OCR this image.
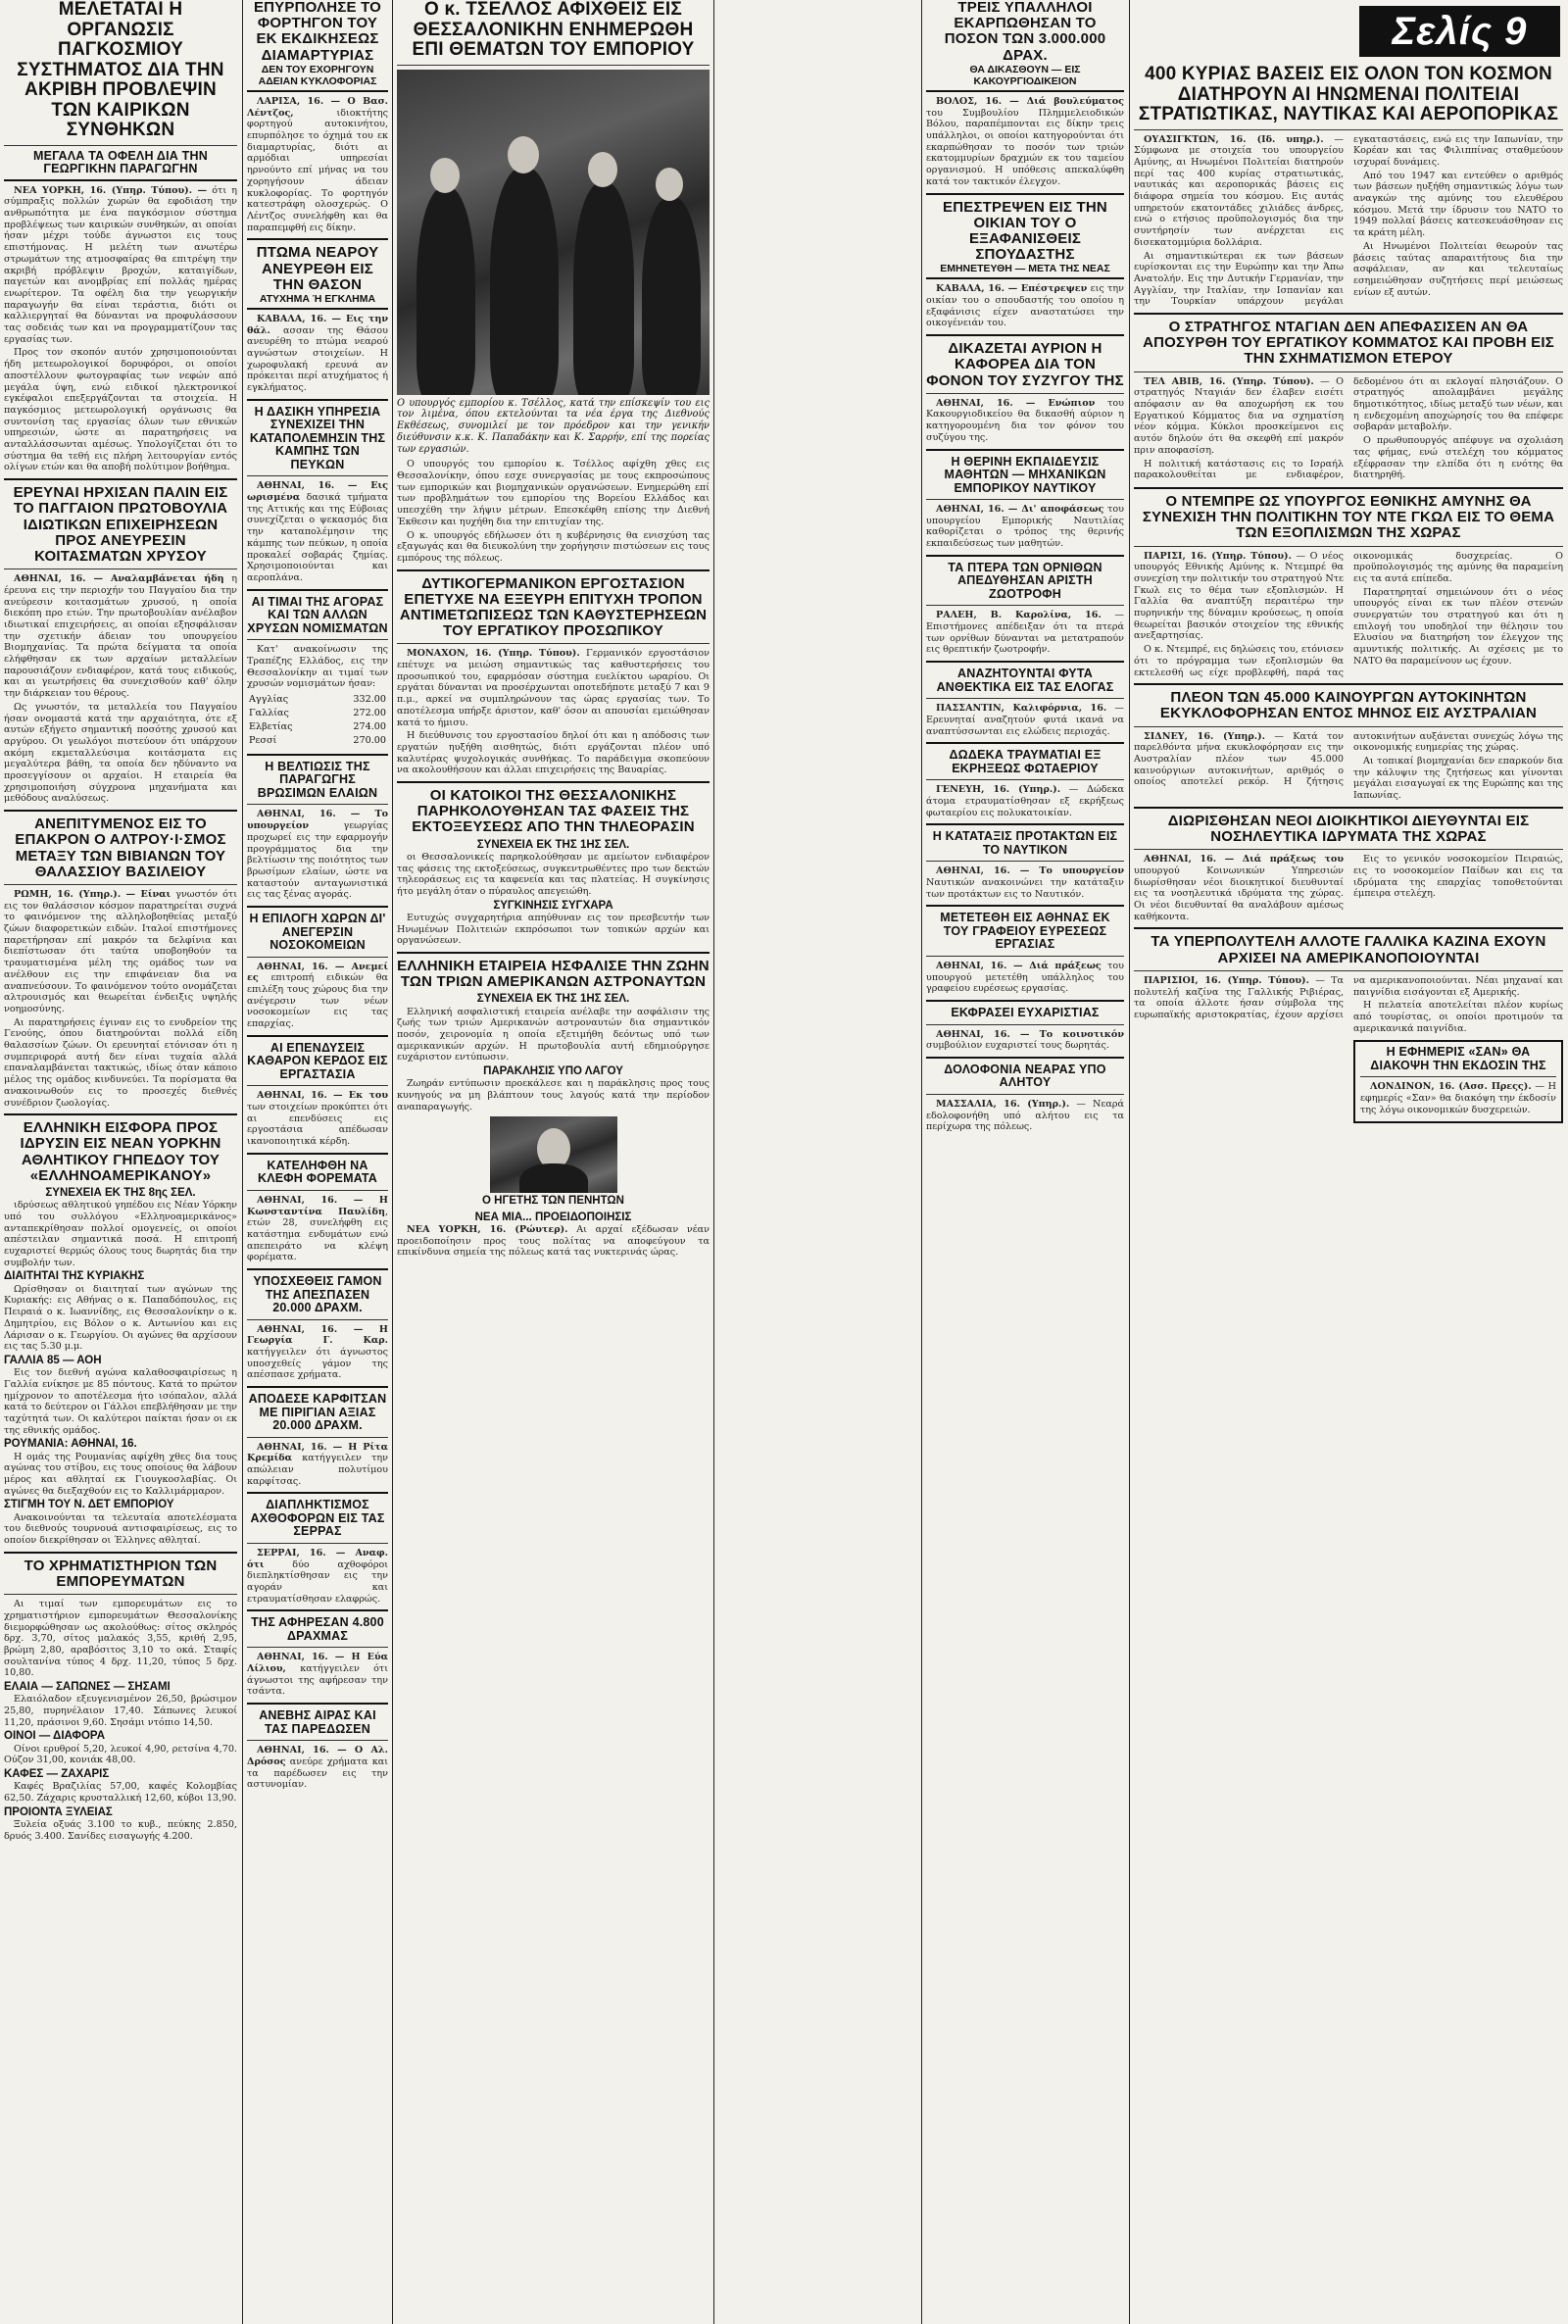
Σελίς 9
ΜΕΛΕΤΑΤΑΙ Η ΟΡΓΑΝΩΣΙΣ ΠΑΓΚΟΣΜΙΟΥ ΣΥΣΤΗΜΑΤΟΣ ΔΙΑ ΤΗΝ ΑΚΡΙΒΗ ΠΡΟΒΛΕΨΙΝ ΤΩΝ ΚΑΙΡΙΚΩΝ ΣΥΝΘΗΚΩΝ
ΜΕΓΑΛΑ ΤΑ ΟΦΕΛΗ ΔΙΑ ΤΗΝ ΓΕΩΡΓΙΚΗΝ ΠΑΡΑΓΩΓΗΝ

ΝΕΑ ΥΟΡΚΗ, 16. (Υπηρ. Τύπου). — ότι η σύμπραξις πολλών χωρών θα εφοδιάση την ανθρωπότητα με ένα παγκόσμιον σύστημα προβλέψεως των καιρικών συνθηκών, αι οποίαι ήσαν μέχρι τούδε άγνωστοι εις τους επιστήμονας. Η μελέτη των ανωτέρω στρωμάτων της ατμοσφαίρας θα επιτρέψη την ακριβή πρόβλεψιν βροχών, καταιγίδων, παγετών και ανομβρίας επί πολλάς ημέρας ενωρίτερον. Τα οφέλη δια την γεωργικήν παραγωγήν θα είναι τεράστια, διότι οι καλλιεργηταί θα δύνανται να προφυλάσσουν τας σοδειάς των και να προγραμματίζουν τας εργασίας των.

Προς τον σκοπόν αυτόν χρησιμοποιούνται ήδη μετεωρολογικοί δορυφόροι, οι οποίοι αποστέλλουν φωτογραφίας των νεφών από μεγάλα ύψη, ενώ ειδικοί ηλεκτρονικοί εγκέφαλοι επεξεργάζονται τα στοιχεία. Η παγκόσμιος μετεωρολογική οργάνωσις θα συντονίση τας εργασίας όλων των εθνικών υπηρεσιών, ώστε αι παρατηρήσεις να ανταλλάσσωνται αμέσως. Υπολογίζεται ότι το σύστημα θα τεθή εις πλήρη λειτουργίαν εντός ολίγων ετών και θα αποβή πολύτιμον βοήθημα.

ΕΡΕΥΝΑΙ ΗΡΧΙΣΑΝ ΠΑΛΙΝ ΕΙΣ ΤΟ ΠΑΓΓΑΙΟΝ ΠΡΩΤΟΒΟΥΛΙΑ ΙΔΙΩΤΙΚΩΝ ΕΠΙΧΕΙΡΗΣΕΩΝ ΠΡΟΣ ΑΝΕΥΡΕΣΙΝ ΚΟΙΤΑΣΜΑΤΩΝ ΧΡΥΣΟΥ

ΑΘΗΝΑΙ, 16. — Αναλαμβάνεται ήδη η έρευνα εις την περιοχήν του Παγγαίου δια την ανεύρεσιν κοιτασμάτων χρυσού, η οποία διεκόπη προ ετών. Την πρωτοβουλίαν ανέλαβον ιδιωτικαί επιχειρήσεις, αι οποίαι εξησφάλισαν την σχετικήν άδειαν του υπουργείου Βιομηχανίας. Τα πρώτα δείγματα τα οποία ελήφθησαν εκ των αρχαίων μεταλλείων παρουσιάζουν ενδιαφέρον, κατά τους ειδικούς, και αι γεωτρήσεις θα συνεχισθούν καθ' όλην την διάρκειαν του θέρους.

Ως γνωστόν, τα μεταλλεία του Παγγαίου ήσαν ονομαστά κατά την αρχαιότητα, ότε εξ αυτών εξήγετο σημαντική ποσότης χρυσού και αργύρου. Οι γεωλόγοι πιστεύουν ότι υπάρχουν ακόμη εκμεταλλεύσιμα κοιτάσματα εις μεγαλύτερα βάθη, τα οποία δεν ηδύναντο να προσεγγίσουν οι αρχαίοι. Η εταιρεία θα χρησιμοποιήση σύγχρονα μηχανήματα και μεθόδους αναλύσεως.

ΑΝΕΠΙΤΥΜΕΝΟΣ ΕΙΣ ΤΟ ΕΠΑΚΡΟΝ Ο ΑΛΤΡΟΥ·Ι·ΣΜΟΣ ΜΕΤΑΞΥ ΤΩΝ ΒΙΒΙΑΝΩΝ ΤΟΥ ΘΑΛΑΣΣΙΟΥ ΒΑΣΙΛΕΙΟΥ

ΡΩΜΗ, 16. (Υπηρ.). — Είναι γνωστόν ότι εις τον θαλάσσιον κόσμον παρατηρείται συχνά το φαινόμενον της αλληλοβοηθείας μεταξύ ζώων διαφορετικών ειδών. Ιταλοί επιστήμονες παρετήρησαν επί μακρόν τα δελφίνια και διεπίστωσαν ότι ταύτα υποβοηθούν τα τραυματισμένα μέλη της ομάδος των να ανέλθουν εις την επιφάνειαν δια να αναπνεύσουν. Το φαινόμενον τούτο ονομάζεται αλτρουισμός και θεωρείται ένδειξις υψηλής νοημοσύνης.

Αι παρατηρήσεις έγιναν εις το ενυδρείον της Γενούης, όπου διατηρούνται πολλά είδη θαλασσίων ζώων. Οι ερευνηταί ετόνισαν ότι η συμπεριφορά αυτή δεν είναι τυχαία αλλά επαναλαμβάνεται τακτικώς, ιδίως όταν κάποιο μέλος της ομάδος κινδυνεύει. Τα πορίσματα θα ανακοινωθούν εις το προσεχές διεθνές συνέδριον ζωολογίας.

ΕΛΛΗΝΙΚΗ ΕΙΣΦΟΡΑ ΠΡΟΣ ΙΔΡΥΣΙΝ ΕΙΣ ΝΕΑΝ ΥΟΡΚΗΝ ΑΘΛΗΤΙΚΟΥ ΓΗΠΕΔΟΥ ΤΟΥ «ΕΛΛΗΝΟΑΜΕΡΙΚΑΝΟΥ»
ΣΥΝΕΧΕΙΑ ΕΚ ΤΗΣ 8ης ΣΕΛ.

ιδρύσεως αθλητικού γηπέδου εις Νέαν Υόρκην υπό του συλλόγου «Ελληνοαμερικάνος» ανταπεκρίθησαν πολλοί ομογενείς, οι οποίοι απέστειλαν σημαντικά ποσά. Η επιτροπή ευχαριστεί θερμώς όλους τους δωρητάς δια την συμβολήν των.

ΔΙΑΙΤΗΤΑΙ ΤΗΣ ΚΥΡΙΑΚΗΣ

Ωρίσθησαν οι διαιτηταί των αγώνων της Κυριακής: εις Αθήνας ο κ. Παπαδόπουλος, εις Πειραιά ο κ. Ιωαννίδης, εις Θεσσαλονίκην ο κ. Δημητρίου, εις Βόλον ο κ. Αντωνίου και εις Λάρισαν ο κ. Γεωργίου. Οι αγώνες θα αρχίσουν εις τας 5.30 μ.μ.

ΓΑΛΛΙΑ 85 — ΑΟΗ

Εις τον διεθνή αγώνα καλαθοσφαιρίσεως η Γαλλία ενίκησε με 85 πόντους. Κατά το πρώτον ημίχρονον το αποτέλεσμα ήτο ισόπαλον, αλλά κατά το δεύτερον οι Γάλλοι επεβλήθησαν με την ταχύτητά των. Οι καλύτεροι παίκται ήσαν οι εκ της εθνικής ομάδος.

ΡΟΥΜΑΝΙΑ: ΑΘΗΝΑΙ, 16.

Η ομάς της Ρουμανίας αφίχθη χθες δια τους αγώνας του στίβου, εις τους οποίους θα λάβουν μέρος και αθληταί εκ Γιουγκοσλαβίας. Οι αγώνες θα διεξαχθούν εις το Καλλιμάρμαρον.

ΣΤΙΓΜΗ ΤΟΥ Ν. ΔΕΤ ΕΜΠΟΡΙΟΥ

Ανακοινούνται τα τελευταία αποτελέσματα του διεθνούς τουρνουά αντισφαιρίσεως, εις το οποίον διεκρίθησαν οι Έλληνες αθληταί.

ΤΟ ΧΡΗΜΑΤΙΣΤΗΡΙΟΝ ΤΩΝ ΕΜΠΟΡΕΥΜΑΤΩΝ

Αι τιμαί των εμπορευμάτων εις το χρηματιστήριον εμπορευμάτων Θεσσαλονίκης διεμορφώθησαν ως ακολούθως: σίτος σκληρός δρχ. 3,70, σίτος μαλακός 3,55, κριθή 2,95, βρώμη 2,80, αραβόσιτος 3,10 το οκά. Σταφίς σουλτανίνα τύπος 4 δρχ. 11,20, τύπος 5 δρχ. 10,80.

ΕΛΑΙΑ — ΣΑΠΩΝΕΣ — ΣΗΣΑΜΙ

Ελαιόλαδον εξευγενισμένον 26,50, βρώσιμον 25,80, πυρηνέλαιον 17,40. Σάπωνες λευκοί 11,20, πράσινοι 9,60. Σησάμι ντόπιο 14,50.

ΟΙΝΟΙ — ΔΙΑΦΟΡΑ

Οίνοι ερυθροί 5,20, λευκοί 4,90, ρετσίνα 4,70. Ούζον 31,00, κονιάκ 48,00.

ΚΑΦΕΣ — ΖΑΧΑΡΙΣ

Καφές Βραζιλίας 57,00, καφές Κολομβίας 62,50. Ζάχαρις κρυσταλλική 12,60, κύβοι 13,90.

ΠΡΟΙΟΝΤΑ ΞΥΛΕΙΑΣ

Ξυλεία οξυάς 3.100 το κυβ., πεύκης 2.850, δρυός 3.400. Σανίδες εισαγωγής 4.200.

ΕΠΥΡΠΟΛΗΣΕ ΤΟ ΦΟΡΤΗΓΟΝ ΤΟΥ ΕΚ ΕΚΔΙΚΗΣΕΩΣ ΔΙΑΜΑΡΤΥΡΙΑΣ
ΔΕΝ ΤΟΥ ΕΧΟΡΗΓΟΥΝ ΑΔΕΙΑΝ ΚΥΚΛΟΦΟΡΙΑΣ

ΛΑΡΙΣΑ, 16. — Ο Βασ. Λέντζος, ιδιοκτήτης φορτηγού αυτοκινήτου, επυρπόλησε το όχημά του εκ διαμαρτυρίας, διότι αι αρμόδιαι υπηρεσίαι ηρνούντο επί μήνας να του χορηγήσουν άδειαν κυκλοφορίας. Το φορτηγόν κατεστράφη ολοσχερώς. Ο Λέντζος συνελήφθη και θα παραπεμφθή εις δίκην.

ΠΤΩΜΑ ΝΕΑΡΟΥ ΑΝΕΥΡΕΘΗ ΕΙΣ ΤΗΝ ΘΑΣΟΝ
ΑΤΥΧΗΜΑ Ή ΕΓΚΛΗΜΑ

ΚΑΒΑΛΑ, 16. — Εις την θάλ. ασσαν της Θάσου ανευρέθη το πτώμα νεαρού αγνώστων στοιχείων. Η χωροφυλακή ερευνά αν πρόκειται περί ατυχήματος ή εγκλήματος.

Η ΔΑΣΙΚΗ ΥΠΗΡΕΣΙΑ ΣΥΝΕΧΙΖΕΙ ΤΗΝ ΚΑΤΑΠΟΛΕΜΗΣΙΝ ΤΗΣ ΚΑΜΠΗΣ ΤΩΝ ΠΕΥΚΩΝ

ΑΘΗΝΑΙ, 16. — Εις ωρισμένα δασικά τμήματα της Αττικής και της Εύβοιας συνεχίζεται ο ψεκασμός δια την καταπολέμησιν της κάμπης των πεύκων, η οποία προκαλεί σοβαράς ζημίας. Χρησιμοποιούνται και αεροπλάνα.

ΑΙ ΤΙΜΑΙ ΤΗΣ ΑΓΟΡΑΣ ΚΑΙ ΤΩΝ ΑΛΛΩΝ ΧΡΥΣΩΝ ΝΟΜΙΣΜΑΤΩΝ

Κατ' ανακοίνωσιν της Τραπέζης Ελλάδος, εις την Θεσσαλονίκην αι τιμαί των χρυσών νομισμάτων ήσαν:

Αγγλίας	332.00
Γαλλίας	272.00
Ελβετίας	274.00
Ρεσσί	270.00
Η ΒΕΛΤΙΩΣΙΣ ΤΗΣ ΠΑΡΑΓΩΓΗΣ ΒΡΩΣΙΜΩΝ ΕΛΑΙΩΝ

ΑΘΗΝΑΙ, 16. — Το υπουργείον γεωργίας προχωρεί εις την εφαρμογήν προγράμματος δια την βελτίωσιν της ποιότητος των βρωσίμων ελαίων, ώστε να καταστούν ανταγωνιστικά εις τας ξένας αγοράς.

Η ΕΠΙΛΟΓΗ ΧΩΡΩΝ ΔΙ' ΑΝΕΓΕΡΣΙΝ ΝΟΣΟΚΟΜΕΙΩΝ

ΑΘΗΝΑΙ, 16. — Ανεμεί ες επιτροπή ειδικών θα επιλέξη τους χώρους δια την ανέγερσιν των νέων νοσοκομείων εις τας επαρχίας.

ΑΙ ΕΠΕΝΔΥΣΕΙΣ ΚΑΘΑΡΟΝ ΚΕΡΔΟΣ ΕΙΣ ΕΡΓΑΣΤΑΣΙΑ

ΑΘΗΝΑΙ, 16. — Εκ του των στοιχείων προκύπτει ότι αι επενδύσεις εις εργοστάσια απέδωσαν ικανοποιητικά κέρδη.

ΚΑΤΕΛΗΦΘΗ ΝΑ ΚΛΕΦΗ ΦΟΡΕΜΑΤΑ

ΑΘΗΝΑΙ, 16. — Η Κωνσταντίνα Παυλίδη, ετών 28, συνελήφθη εις κατάστημα ενδυμάτων ενώ απεπειράτο να κλέψη φορέματα.

ΥΠΟΣΧΕΘΕΙΣ ΓΑΜΟΝ ΤΗΣ ΑΠΕΣΠΑΣΕΝ 20.000 ΔΡΑΧΜ.

ΑΘΗΝΑΙ, 16. — Η Γεωργία Γ. Καρ. κατήγγειλεν ότι άγνωστος υποσχεθείς γάμον της απέσπασε χρήματα.

ΑΠΟΔΕΣΕ ΚΑΡΦΙΤΣΑΝ ΜΕ ΠΙΡΙΓΙΑΝ ΑΞΙΑΣ 20.000 ΔΡΑΧΜ.

ΑΘΗΝΑΙ, 16. — Η Ρίτα Κρεμίδα κατήγγειλεν την απώλειαν πολυτίμου καρφίτσας.

ΔΙΑΠΛΗΚΤΙΣΜΟΣ ΑΧΘΟΦΟΡΩΝ ΕΙΣ ΤΑΣ ΣΕΡΡΑΣ

ΣΕΡΡΑΙ, 16. — Αναφ. ότι δύο αχθοφόροι διεπληκτίσθησαν εις την αγοράν και ετραυματίσθησαν ελαφρώς.

ΤΗΣ ΑΦΗΡΕΣΑΝ 4.800 ΔΡΑΧΜΑΣ

ΑΘΗΝΑΙ, 16. — Η Εύα Λίλιου, κατήγγειλεν ότι άγνωστοι της αφήρεσαν την τσάντα.

ΑΝΕΒΗΣ ΑΙΡΑΣ ΚΑΙ ΤΑΣ ΠΑΡΕΔΩΣΕΝ

ΑΘΗΝΑΙ, 16. — Ο Αλ. Δρόσος ανεύρε χρήματα και τα παρέδωσεν εις την αστυνομίαν.

Ο κ. ΤΣΕΛΛΟΣ ΑΦΙΧΘΕΙΣ ΕΙΣ ΘΕΣΣΑΛΟΝΙΚΗΝ ΕΝΗΜΕΡΩΘΗ ΕΠΙ ΘΕΜΑΤΩΝ ΤΟΥ ΕΜΠΟΡΙΟΥ
Ο υπουργός εμπορίου κ. Τσέλλος, κατά την επίσκεψίν του εις τον λιμένα, όπου εκτελούνται τα νέα έργα της Διεθνούς Εκθέσεως, συνομιλεί με τον πρόεδρον και την γενικήν διεύθυνσιν κ.κ. Κ. Παπαδάκην και Κ. Σαρρήν, επί της πορείας των εργασιών.

Ο υπουργός του εμπορίου κ. Τσέλλος αφίχθη χθες εις Θεσσαλονίκην, όπου εσχε συνεργασίας με τους εκπροσώπους των εμπορικών και βιομηχανικών οργανώσεων. Ενημερώθη επί των προβλημάτων του εμπορίου της Βορείου Ελλάδος και υπεσχέθη την λήψιν μέτρων. Επεσκέφθη επίσης την Διεθνή Έκθεσιν και ηυχήθη δια την επιτυχίαν της.

Ο κ. υπουργός εδήλωσεν ότι η κυβέρνησις θα ενισχύση τας εξαγωγάς και θα διευκολύνη την χορήγησιν πιστώσεων εις τους εμπόρους της πόλεως.

ΔΥΤΙΚΟΓΕΡΜΑΝΙΚΟΝ ΕΡΓΟΣΤΑΣΙΟΝ ΕΠΕΤΥΧΕ ΝΑ ΕΞΕΥΡΗ ΕΠΙΤΥΧΗ ΤΡΟΠΟΝ ΑΝΤΙΜΕΤΩΠΙΣΕΩΣ ΤΩΝ ΚΑΘΥΣΤΕΡΗΣΕΩΝ ΤΟΥ ΕΡΓΑΤΙΚΟΥ ΠΡΟΣΩΠΙΚΟΥ

ΜΟΝΑΧΟΝ, 16. (Υπηρ. Τύπου). Γερμανικόν εργοστάσιον επέτυχε να μειώση σημαντικώς τας καθυστερήσεις του προσωπικού του, εφαρμόσαν σύστημα ευελίκτου ωραρίου. Οι εργάται δύνανται να προσέρχωνται οποτεδήποτε μεταξύ 7 και 9 π.μ., αρκεί να συμπληρώνουν τας ώρας εργασίας των. Το αποτέλεσμα υπήρξε άριστον, καθ' όσον αι απουσίαι εμειώθησαν κατά το ήμισυ.

Η διεύθυνσις του εργοστασίου δηλοί ότι και η απόδοσις των εργατών ηυξήθη αισθητώς, διότι εργάζονται πλέον υπό καλυτέρας ψυχολογικάς συνθήκας. Το παράδειγμα σκοπεύουν να ακολουθήσουν και άλλαι επιχειρήσεις της Βαυαρίας.

ΟΙ ΚΑΤΟΙΚΟΙ ΤΗΣ ΘΕΣΣΑΛΟΝΙΚΗΣ ΠΑΡΗΚΟΛΟΥΘΗΣΑΝ ΤΑΣ ΦΑΣΕΙΣ ΤΗΣ ΕΚΤΟΞΕΥΣΕΩΣ ΑΠΟ ΤΗΝ ΤΗΛΕΟΡΑΣΙΝ
ΣΥΝΕΧΕΙΑ ΕΚ ΤΗΣ 1ΗΣ ΣΕΛ.

οι Θεσσαλονικείς παρηκολούθησαν με αμείωτον ενδιαφέρον τας φάσεις της εκτοξεύσεως, συγκεντρωθέντες προ των δεκτών τηλεοράσεως εις τα καφενεία και τας πλατείας. Η συγκίνησις ήτο μεγάλη όταν ο πύραυλος απεγειώθη.

ΣΥΓΚΙΝΗΣΙΣ ΣΥΓΧΑΡΑ

Ευτυχώς συγχαρητήρια απηύθυναν εις τον πρεσβευτήν των Ηνωμένων Πολιτειών εκπρόσωποι των τοπικών αρχών και οργανώσεων.

ΕΛΛΗΝΙΚΗ ΕΤΑΙΡΕΙΑ ΗΣΦΑΛΙΣΕ ΤΗΝ ΖΩΗΝ ΤΩΝ ΤΡΙΩΝ ΑΜΕΡΙΚΑΝΩΝ ΑΣΤΡΟΝΑΥΤΩΝ
ΣΥΝΕΧΕΙΑ ΕΚ ΤΗΣ 1ΗΣ ΣΕΛ.

Ελληνική ασφαλιστική εταιρεία ανέλαβε την ασφάλισιν της ζωής των τριών Αμερικανών αστροναυτών δια σημαντικόν ποσόν, χειρονομία η οποία εξετιμήθη δεόντως υπό των αμερικανικών αρχών. Η πρωτοβουλία αυτή εδημιούργησε ευχάριστον εντύπωσιν.

ΠΑΡΑΚΛΗΣΙΣ ΥΠΟ ΛΑΓΟΥ

Ζωηράν εντύπωσιν προεκάλεσε και η παράκλησις προς τους κυνηγούς να μη βλάπτουν τους λαγούς κατά την περίοδον αναπαραγωγής.

Ο ΗΓΕΤΗΣ ΤΩΝ ΠΕΝΗΤΩΝ
ΝΕΑ ΜΙΑ... ΠΡΟΕΙΔΟΠΟΙΗΣΙΣ

ΝΕΑ ΥΟΡΚΗ, 16. (Ρώυτερ). Αι αρχαί εξέδωσαν νέαν προειδοποίησιν προς τους πολίτας να αποφεύγουν τα επικίνδυνα σημεία της πόλεως κατά τας νυκτερινάς ώρας.

ΤΡΕΙΣ ΥΠΑΛΛΗΛΟΙ ΕΚΑΡΠΩΘΗΣΑΝ ΤΟ ΠΟΣΟΝ ΤΩΝ 3.000.000 ΔΡΑΧ.
ΘΑ ΔΙΚΑΣΘΟΥΝ — ΕΙΣ ΚΑΚΟΥΡΓΙΟΔΙΚΕΙΟΝ

ΒΟΛΟΣ, 16. — Διά βουλεύματος του Συμβουλίου Πλημμελειοδικών Βόλου, παραπέμπονται εις δίκην τρεις υπάλληλοι, οι οποίοι κατηγορούνται ότι εκαρπώθησαν το ποσόν των τριών εκατομμυρίων δραχμών εκ του ταμείου οργανισμού. Η υπόθεσις απεκαλύφθη κατά τον τακτικόν έλεγχον.

ΕΠΕΣΤΡΕΨΕΝ ΕΙΣ ΤΗΝ ΟΙΚΙΑΝ ΤΟΥ Ο ΕΞΑΦΑΝΙΣΘΕΙΣ ΣΠΟΥΔΑΣΤΗΣ
ΕΜΗΝΕΤΕΥΘΗ — ΜΕΤΑ ΤΗΣ ΝΕΑΣ

ΚΑΒΑΛΑ, 16. — Επέστρεψεν εις την οικίαν του ο σπουδαστής του οποίου η εξαφάνισις είχεν αναστατώσει την οικογένειάν του.

ΔΙΚΑΖΕΤΑΙ ΑΥΡΙΟΝ Η ΚΑΦΟΡΕΑ ΔΙΑ ΤΟΝ ΦΟΝΟΝ ΤΟΥ ΣΥΖΥΓΟΥ ΤΗΣ

ΑΘΗΝΑΙ, 16. — Ενώπιον του Κακουργιοδικείου θα δικασθή αύριον η κατηγορουμένη δια τον φόνον του συζύγου της.

Η ΘΕΡΙΝΗ ΕΚΠΑΙΔΕΥΣΙΣ ΜΑΘΗΤΩΝ — ΜΗΧΑΝΙΚΩΝ ΕΜΠΟΡΙΚΟΥ ΝΑΥΤΙΚΟΥ

ΑΘΗΝΑΙ, 16. — Δι' αποφάσεως του υπουργείου Εμπορικής Ναυτιλίας καθορίζεται ο τρόπος της θερινής εκπαιδεύσεως των μαθητών.

ΤΑ ΠΤΕΡΑ ΤΩΝ ΟΡΝΙΘΩΝ ΑΠΕΔΥΘΗΣΑΝ ΑΡΙΣΤΗ ΖΩΟΤΡΟΦΗ

ΡΑΛΕΗ, Β. Καρολίνα, 16. — Επιστήμονες απέδειξαν ότι τα πτερά των ορνίθων δύνανται να μετατραπούν εις θρεπτικήν ζωοτροφήν.

ΑΝΑΖΗΤΟΥΝΤΑΙ ΦΥΤΑ ΑΝΘΕΚΤΙΚΑ ΕΙΣ ΤΑΣ ΕΛΟΓΑΣ

ΠΑΣΣΑΝΤΙΝ, Καλιφόρνια, 16. — Ερευνηταί αναζητούν φυτά ικανά να αναπτύσσωνται εις ελώδεις περιοχάς.

ΔΩΔΕΚΑ ΤΡΑΥΜΑΤΙΑΙ ΕΞ ΕΚΡΗΞΕΩΣ ΦΩΤΑΕΡΙΟΥ

ΓΕΝΕΥΗ, 16. (Υπηρ.). — Δώδεκα άτομα ετραυματίσθησαν εξ εκρήξεως φωταερίου εις πολυκατοικίαν.

Η ΚΑΤΑΤΑΞΙΣ ΠΡΟΤΑΚΤΩΝ ΕΙΣ ΤΟ ΝΑΥΤΙΚΟΝ

ΑΘΗΝΑΙ, 16. — Το υπουργείον Ναυτικών ανακοινώνει την κατάταξιν των προτάκτων εις το Ναυτικόν.

ΜΕΤΕΤΕΘΗ ΕΙΣ ΑΘΗΝΑΣ ΕΚ ΤΟΥ ΓΡΑΦΕΙΟΥ ΕΥΡΕΣΕΩΣ ΕΡΓΑΣΙΑΣ

ΑΘΗΝΑΙ, 16. — Διά πράξεως του υπουργού μετετέθη υπάλληλος του γραφείου ευρέσεως εργασίας.

ΕΚΦΡΑΣΕΙ ΕΥΧΑΡΙΣΤΙΑΣ

ΑΘΗΝΑΙ, 16. — Το κοινοτικόν συμβούλιον ευχαριστεί τους δωρητάς.

ΔΟΛΟΦΟΝΙΑ ΝΕΑΡΑΣ ΥΠΟ ΑΛΗΤΟΥ

ΜΑΣΣΑΛΙΑ, 16. (Υπηρ.). — Νεαρά εδολοφονήθη υπό αλήτου εις τα περίχωρα της πόλεως.

400 ΚΥΡΙΑΣ ΒΑΣΕΙΣ ΕΙΣ ΟΛΟΝ ΤΟΝ ΚΟΣΜΟΝ ΔΙΑΤΗΡΟΥΝ ΑΙ ΗΝΩΜΕΝΑΙ ΠΟΛΙΤΕΙΑΙ ΣΤΡΑΤΙΩΤΙΚΑΣ, ΝΑΥΤΙΚΑΣ ΚΑΙ ΑΕΡΟΠΟΡΙΚΑΣ

ΟΥΑΣΙΓΚΤΩΝ, 16. (Ιδ. υπηρ.). — Σύμφωνα με στοιχεία του υπουργείου Αμύνης, αι Ηνωμένοι Πολιτείαι διατηρούν περί τας 400 κυρίας στρατιωτικάς, ναυτικάς και αεροπορικάς βάσεις εις διάφορα σημεία του κόσμου. Εις αυτάς υπηρετούν εκατοντάδες χιλιάδες άνδρες, ενώ ο ετήσιος προϋπολογισμός δια την συντήρησίν των ανέρχεται εις δισεκατομμύρια δολλάρια.

Αι σημαντικώτεραι εκ των βάσεων ευρίσκονται εις την Ευρώπην και την Άπω Ανατολήν. Εις την Δυτικήν Γερμανίαν, την Αγγλίαν, την Ιταλίαν, την Ισπανίαν και την Τουρκίαν υπάρχουν μεγάλαι εγκαταστάσεις, ενώ εις την Ιαπωνίαν, την Κορέαν και τας Φιλιππίνας σταθμεύουν ισχυραί δυνάμεις.

Από του 1947 και εντεύθεν ο αριθμός των βάσεων ηυξήθη σημαντικώς λόγω των αναγκών της αμύνης του ελευθέρου κόσμου. Μετά την ίδρυσιν του ΝΑΤΟ το 1949 πολλαί βάσεις κατεσκευάσθησαν εις τα κράτη μέλη.

Αι Ηνωμένοι Πολιτείαι θεωρούν τας βάσεις ταύτας απαραιτήτους δια την ασφάλειαν, αν και τελευταίως εσημειώθησαν συζητήσεις περί μειώσεως ενίων εξ αυτών.

Ο ΣΤΡΑΤΗΓΟΣ ΝΤΑΓΙΑΝ ΔΕΝ ΑΠΕΦΑΣΙΣΕΝ ΑΝ ΘΑ ΑΠΟΣΥΡΘΗ ΤΟΥ ΕΡΓΑΤΙΚΟΥ ΚΟΜΜΑΤΟΣ ΚΑΙ ΠΡΟΒΗ ΕΙΣ ΤΗΝ ΣΧΗΜΑΤΙΣΜΟΝ ΕΤΕΡΟΥ

ΤΕΛ ΑΒΙΒ, 16. (Υπηρ. Τύπου). — Ο στρατηγός Νταγιάν δεν έλαβεν εισέτι απόφασιν αν θα αποχωρήση εκ του Εργατικού Κόμματος δια να σχηματίση νέον κόμμα. Κύκλοι προσκείμενοι εις αυτόν δηλούν ότι θα σκεφθή επί μακρόν πριν αποφασίση.

Η πολιτική κατάστασις εις το Ισραήλ παρακολουθείται με ενδιαφέρον, δεδομένου ότι αι εκλογαί πλησιάζουν. Ο στρατηγός απολαμβάνει μεγάλης δημοτικότητος, ιδίως μεταξύ των νέων, και η ενδεχομένη αποχώρησίς του θα επέφερε σοβαράν μεταβολήν.

Ο πρωθυπουργός απέφυγε να σχολιάση τας φήμας, ενώ στελέχη του κόμματος εξέφρασαν την ελπίδα ότι η ενότης θα διατηρηθή.

Ο ΝΤΕΜΠΡΕ ΩΣ ΥΠΟΥΡΓΟΣ ΕΘΝΙΚΗΣ ΑΜΥΝΗΣ ΘΑ ΣΥΝΕΧΙΣΗ ΤΗΝ ΠΟΛΙΤΙΚΗΝ ΤΟΥ ΝΤΕ ΓΚΩΛ ΕΙΣ ΤΟ ΘΕΜΑ ΤΩΝ ΕΞΟΠΛΙΣΜΩΝ ΤΗΣ ΧΩΡΑΣ

ΠΑΡΙΣΙ, 16. (Υπηρ. Τύπου). — Ο νέος υπουργός Εθνικής Αμύνης κ. Ντεμπρέ θα συνεχίση την πολιτικήν του στρατηγού Ντε Γκωλ εις το θέμα των εξοπλισμών. Η Γαλλία θα αναπτύξη περαιτέρω την πυρηνικήν της δύναμιν κρούσεως, η οποία θεωρείται βασικόν στοιχείον της εθνικής ανεξαρτησίας.

Ο κ. Ντεμπρέ, εις δηλώσεις του, ετόνισεν ότι το πρόγραμμα των εξοπλισμών θα εκτελεσθή ως είχε προβλεφθή, παρά τας οικονομικάς δυσχερείας. Ο προϋπολογισμός της αμύνης θα παραμείνη εις τα αυτά επίπεδα.

Παρατηρηταί σημειώνουν ότι ο νέος υπουργός είναι εκ των πλέον στενών συνεργατών του στρατηγού και ότι η επιλογή του υποδηλοί την θέλησιν του Ελυσίου να διατηρήση τον έλεγχον της αμυντικής πολιτικής. Αι σχέσεις με το ΝΑΤΟ θα παραμείνουν ως έχουν.

ΠΛΕΟΝ ΤΩΝ 45.000 ΚΑΙΝΟΥΡΓΩΝ ΑΥΤΟΚΙΝΗΤΩΝ ΕΚΥΚΛΟΦΟΡΗΣΑΝ ΕΝΤΟΣ ΜΗΝΟΣ ΕΙΣ ΑΥΣΤΡΑΛΙΑΝ

ΣΙΔΝΕΥ, 16. (Υπηρ.). — Κατά τον παρελθόντα μήνα εκυκλοφόρησαν εις την Αυστραλίαν πλέον των 45.000 καινούργιων αυτοκινήτων, αριθμός ο οποίος αποτελεί ρεκόρ. Η ζήτησις αυτοκινήτων αυξάνεται συνεχώς λόγω της οικονομικής ευημερίας της χώρας.

Αι τοπικαί βιομηχανίαι δεν επαρκούν δια την κάλυψιν της ζητήσεως και γίνονται μεγάλαι εισαγωγαί εκ της Ευρώπης και της Ιαπωνίας.

ΔΙΩΡΙΣΘΗΣΑΝ ΝΕΟΙ ΔΙΟΙΚΗΤΙΚΟΙ ΔΙΕΥΘΥΝΤΑΙ ΕΙΣ ΝΟΣΗΛΕΥΤΙΚΑ ΙΔΡΥΜΑΤΑ ΤΗΣ ΧΩΡΑΣ

ΑΘΗΝΑΙ, 16. — Διά πράξεως του υπουργού Κοινωνικών Υπηρεσιών διωρίσθησαν νέοι διοικητικοί διευθυνταί εις τα νοσηλευτικά ιδρύματα της χώρας. Οι νέοι διευθυνταί θα αναλάβουν αμέσως καθήκοντα.

Εις το γενικόν νοσοκομείον Πειραιώς, εις το νοσοκομείον Παίδων και εις τα ιδρύματα της επαρχίας τοποθετούνται έμπειρα στελέχη.

ΤΑ ΥΠΕΡΠΟΛΥΤΕΛΗ ΑΛΛΟΤΕ ΓΑΛΛΙΚΑ ΚΑΖΙΝΑ ΕΧΟΥΝ ΑΡΧΙΣΕΙ ΝΑ ΑΜΕΡΙΚΑΝΟΠΟΙΟΥΝΤΑΙ

ΠΑΡΙΣΙΟΙ, 16. (Υπηρ. Τύπου). — Τα πολυτελή καζίνα της Γαλλικής Ριβιέρας, τα οποία άλλοτε ήσαν σύμβολα της ευρωπαϊκής αριστοκρατίας, έχουν αρχίσει να αμερικανοποιούνται. Νέαι μηχαναί και παιγνίδια εισάγονται εξ Αμερικής.

Η πελατεία αποτελείται πλέον κυρίως από τουρίστας, οι οποίοι προτιμούν τα αμερικανικά παιγνίδια.

Η ΕΦΗΜΕΡΙΣ «ΣΑΝ» ΘΑ ΔΙΑΚΟΨΗ ΤΗΝ ΕΚΔΟΣΙΝ ΤΗΣ

ΛΟΝΔΙΝΟΝ, 16. (Ασσ. Πρεςς). — Η εφημερίς «Σαν» θα διακόψη την έκδοσίν της λόγω οικονομικών δυσχερειών.
